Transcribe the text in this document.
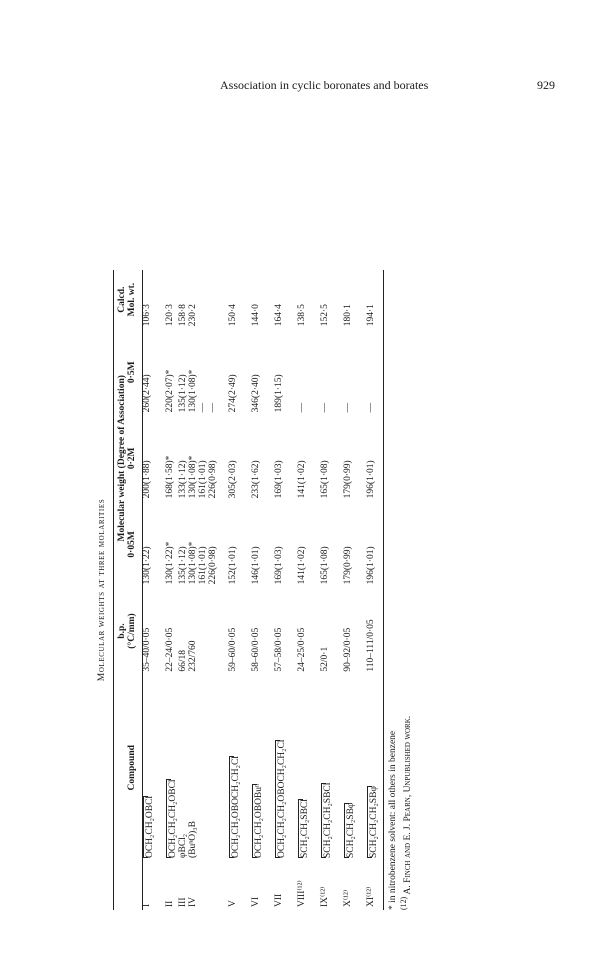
Association in cyclic boronates and borates	929
Molecular weights at three molarities
		b.p.	Molecular weight (Degree of Association)			Calcd.
	Compound	(°C/mm)	0·05M	0·2M	0·5M	Mol. wt.
I	OCH₂CH₂OBCl	35–40/0·05	130(1·22)	200(1·88)	260(2·44)	106·3
II	OCH₂CH₂CH₂OBCl	22–24/0·05	130(1·22)*	168(1·58)*	220(2·07)*	120·3
III	φBCl₂	66/18	135(1·12)	133(1·12)	135(1·12)	158·8
IV	(BuⁿO)₃B	232/760	130(1·08)*	130(1·08)*	130(1·08)*	230·2
			161(1·01)	161(1·01)	—	
			226(0·98)	226(0·98)	—	
V	OCH₂CH₂OBOCH₂CH₂Cl	59–60/0·05	152(1·01)	305(2·03)	274(2·49)	150·4
VI	OCH₂CH₂OBOBuⁿ	58–60/0·05	146(1·01)	233(1·62)	346(2·40)	144·0
VII	OCH₂CH₂CH₂OBOCH₂CH₂Cl	57–58/0·05	169(1·03)	169(1·03)	189(1·15)	164·4
VIII⁽¹²⁾	SCH₂CH₂SBCl	24–25/0·05	141(1·02)	141(1·02)	—	138·5
IX⁽¹²⁾	SCH₂CH₂CH₂SBCl	52/0·1	165(1·08)	165(1·08)	—	152·5
X⁽¹²⁾	SCH₂CH₂SBφ	90–92/0·05	179(0·99)	179(0·99)	—	180·1
XI⁽¹²⁾	SCH₂CH₂CH₂SBφ	110–111/0·05	196(1·01)	196(1·01)	—	194·1
* in nitrobenzene solvent: all others in benzene $^{(12)}$ A. Finch and E. J. Pearn, Unpublished work.
